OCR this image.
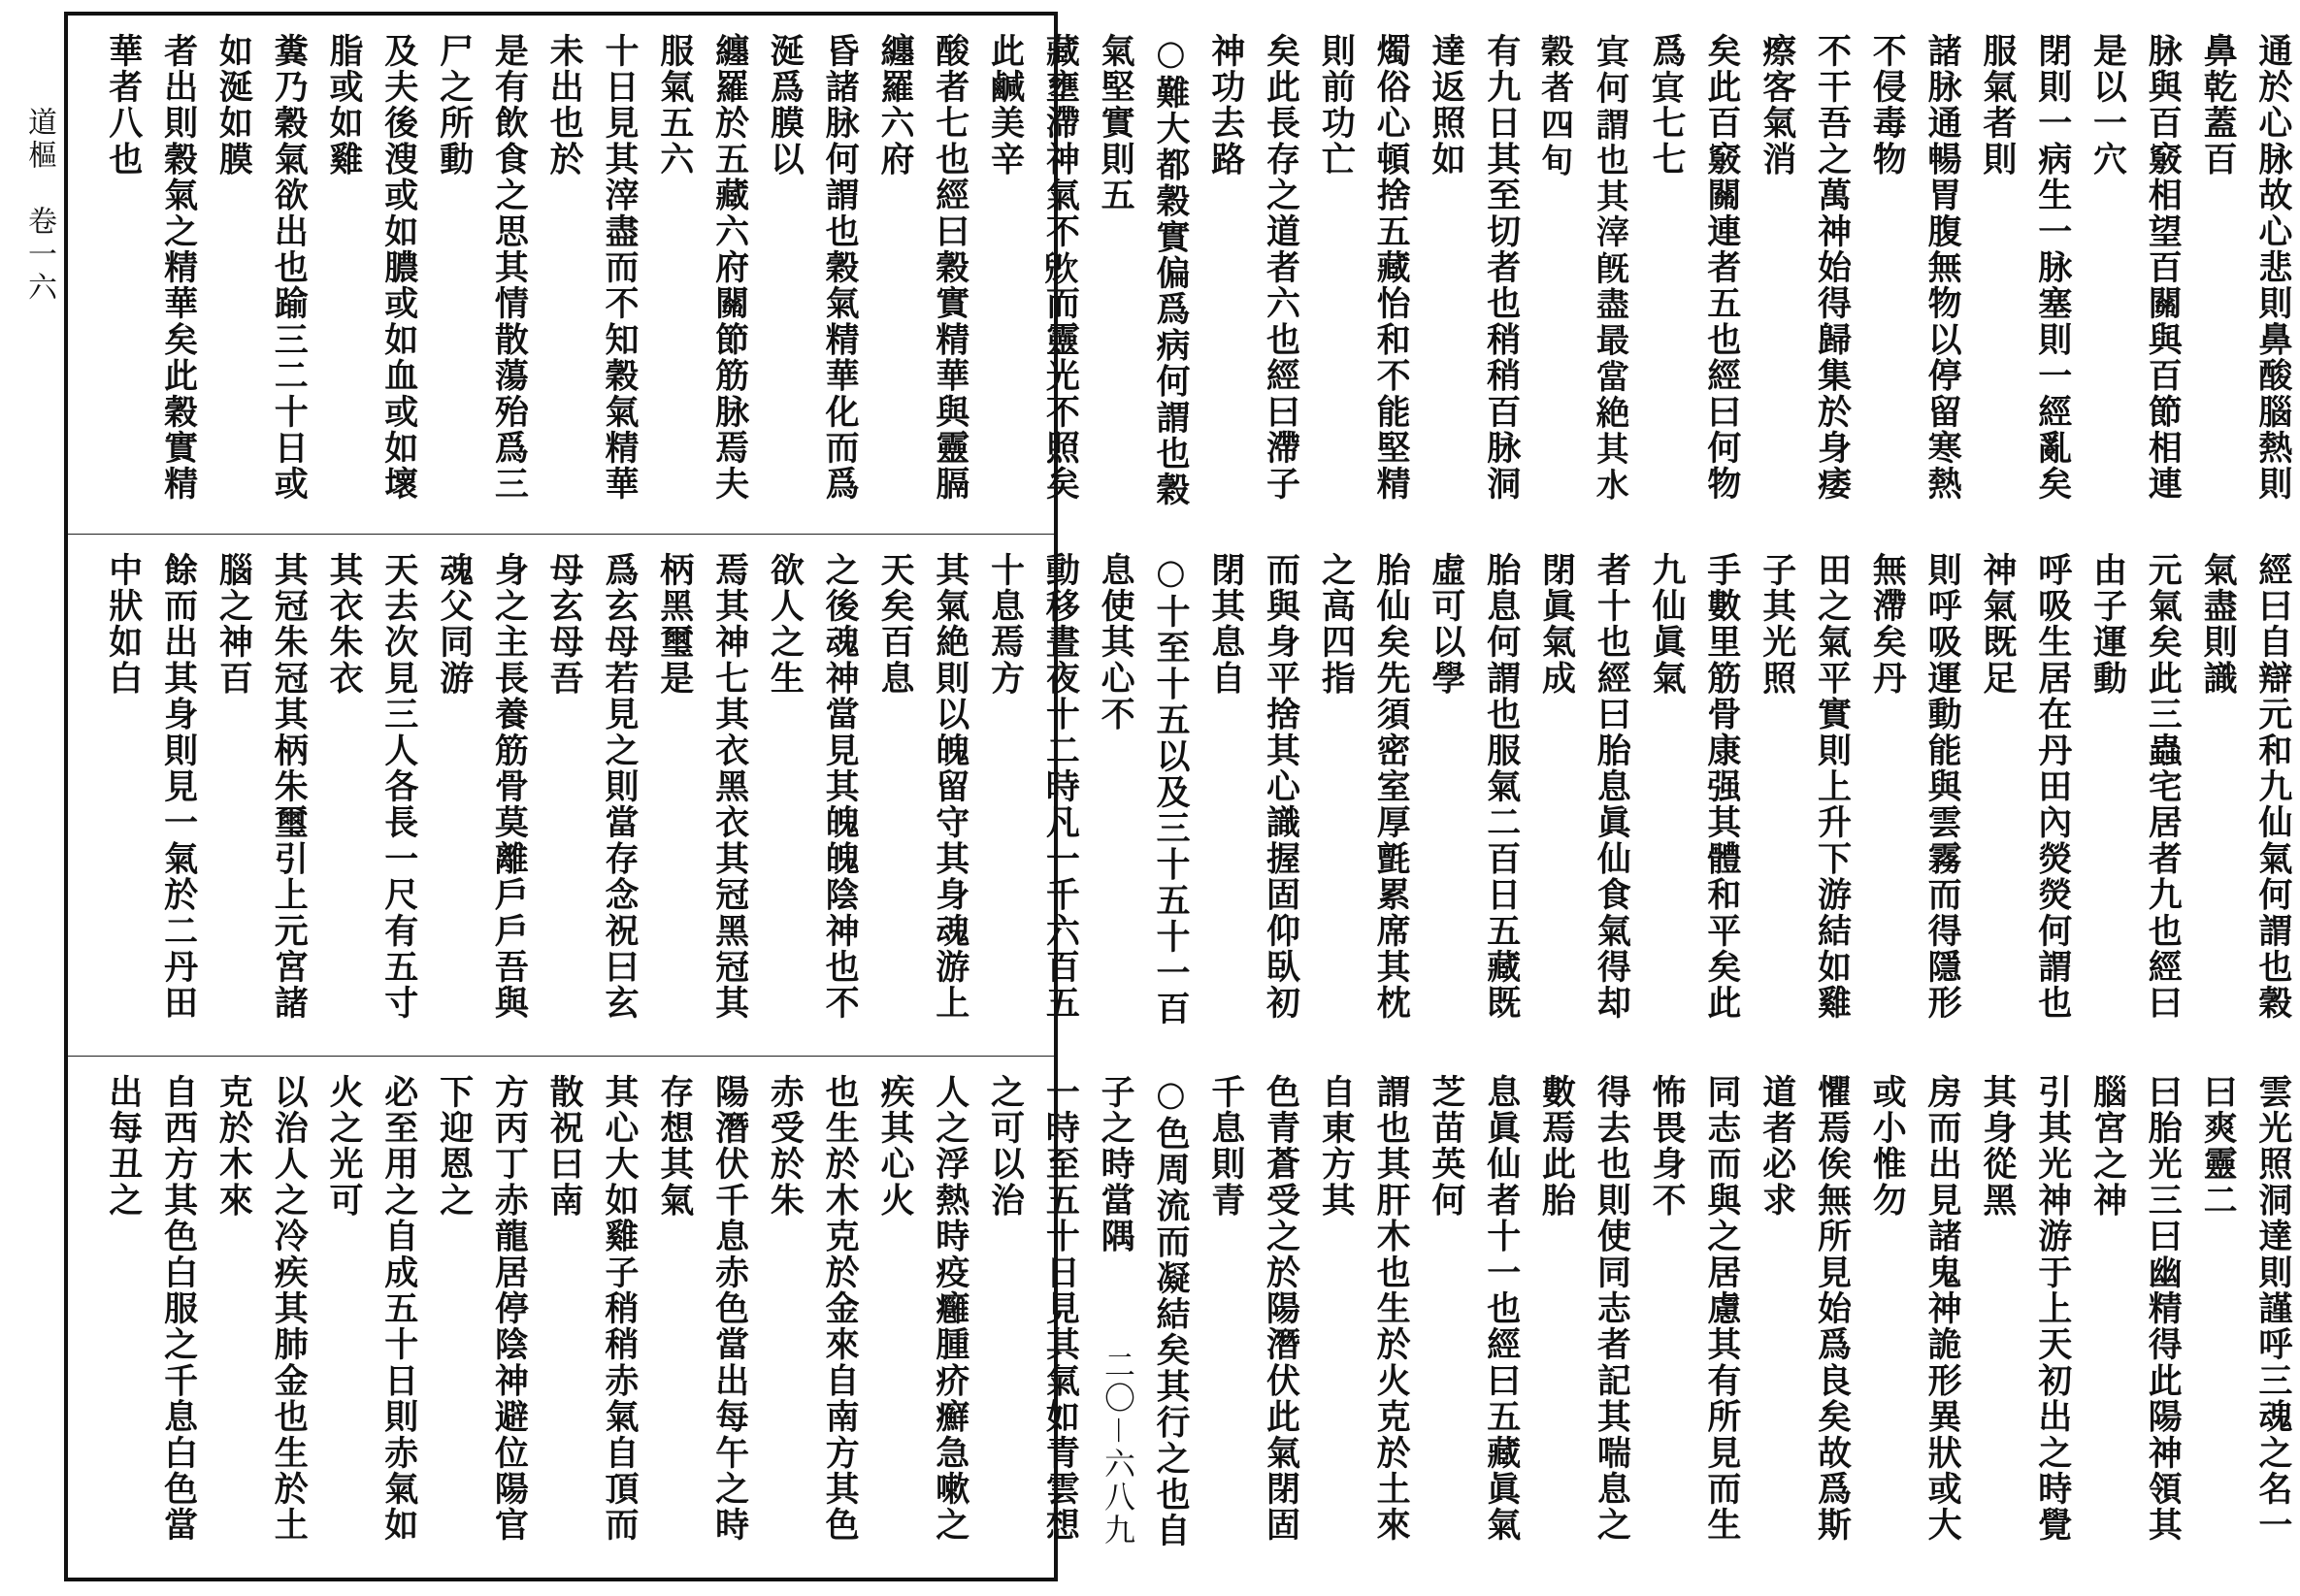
道樞　卷一六
二〇－六八九
通於心脉故心悲則鼻酸腦熱則鼻乾蓋百
脉與百竅相望百關與百節相連是以一穴
閉則一病生一脉塞則一經亂矣服氣者則
諸脉通暢胃腹無物以停留寒熱不侵毒物
不干吾之萬神始得歸集於身痿瘵客氣消
矣此百竅關連者五也經曰何物爲𡨋七七
𡨋何謂也其滓既盡最當絶其水穀者四旬
有九日其至切者也稍稍百脉洞達返照如
燭俗心頓捨五藏怡和不能堅精則前功亡
矣此長存之道者六也經曰滯子神功去路
○難大都穀實偏爲病何謂也穀氣堅實則五
藏壅滯神氣不𣣉而靈光不照矣此鹹美辛
酸者七也經曰穀實精華與靈膈纏羅六府
昏諸脉何謂也穀氣精華化而爲涎爲膜以
纏羅於五藏六府關節筋脉焉夫服氣五六
十日見其滓盡而不知穀氣精華未出也於
是有飲食之思其情散蕩殆爲三尸之所動
及夫後溲或如膿或如血或如壞脂或如雞
糞乃穀氣欲出也踰三二十日或如涎如膜
者出則穀氣之精華矣此穀實精華者八也
經曰自辯元和九仙氣何謂也穀氣盡則識
元氣矣此三蟲宅居者九也經曰由子運動
呼吸生居在丹田內熒熒何謂也神氣既足
則呼吸運動能與雲霧而得隱形無滯矣丹
田之氣平實則上升下游結如雞子其光照
手數里筋骨康强其體和平矣此九仙眞氣
者十也經曰胎息眞仙食氣得却閉眞氣成
胎息何謂也服氣二百日五藏既虛可以學
胎仙矣先須密室厚氈累席其枕之高四指
而與身平捨其心識握固仰臥初閉其息自
○十至十五以及三十五十一百息使其心不
動移晝夜十二時凡一千六百五十息焉方
其氣絶則以魄留守其身魂游上天矣百息
之後魂神當見其魄魄陰神也不欲人之生
焉其神七其衣黑衣其冠黑冠其柄黑璽是
爲玄母若見之則當存念祝曰玄母玄母吾
身之主長養筋骨莫離戶戶吾與魂父同游
天去次見三人各長一尺有五寸其衣朱衣
其冠朱冠其柄朱璽引上元宮諸腦之神百
餘而出其身則見一氣於二丹田中狀如白
雲光照洞達則謹呼三魂之名一曰爽靈二
曰胎光三曰幽精得此陽神領其腦宮之神
引其光神游于上天初出之時覺其身從黑
房而出見諸鬼神詭形異狀或大或小惟勿
懼焉俟無所見始爲良矣故爲斯道者必求
同志而與之居慮其有所見而生怖畏身不
得去也則使同志者記其喘息之數焉此胎
息眞仙者十一也經曰五藏眞氣芝苗英何
謂也其肝木也生於火克於土來自東方其
色青蒼受之於陽潛伏此氣閉固千息則青
○色周流而凝結矣其行之也自子之時當隅
一時至五十日見其氣如青雲想之可以治
人之浮熱時疫癰腫疥癬急嗽之疾其心火
也生於木克於金來自南方其色赤受於朱
陽潛伏千息赤色當出每午之時存想其氣
其心大如雞子稍稍赤氣自頂而散祝曰南
方丙丁赤龍居停陰神避位陽官下迎恩之
必至用之自成五十日則赤氣如火之光可
以治人之冷疾其肺金也生於土克於木來
自西方其色白服之千息白色當出每丑之
